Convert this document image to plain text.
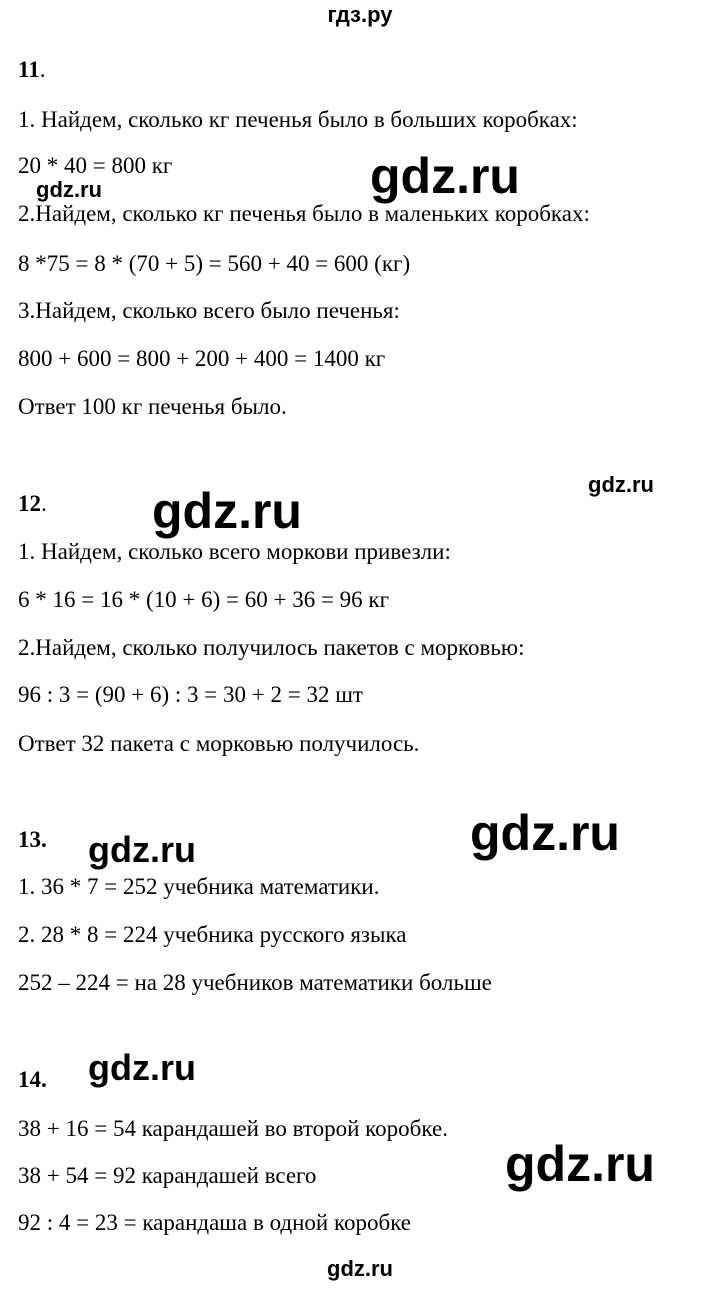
гдз.ру
11.
1. Найдем, сколько кг печенья было в больших коробках:
20 * 40 = 800 кг
2.Найдем, сколько кг печенья было в маленьких коробках:
8 *75 = 8 * (70 + 5) = 560 + 40 = 600 (кг)
3.Найдем, сколько всего было печенья:
800 + 600 = 800 + 200 + 400 = 1400 кг
Ответ 100 кг печенья было.
12.
1. Найдем, сколько всего моркови привезли:
6 * 16 = 16 * (10 + 6) = 60 + 36 = 96 кг
2.Найдем, сколько получилось пакетов с морковью:
96 : 3 = (90 + 6) : 3 = 30 + 2 = 32 шт
Ответ 32 пакета с морковью получилось.
13.
1. 36 * 7 = 252 учебника математики.
2. 28 * 8 = 224 учебника русского языка
252 – 224 = на 28 учебников математики больше
14.
38 + 16 = 54 карандашей во второй коробке.
38 + 54 = 92 карандашей всего
92 : 4 = 23 = карандаша в одной коробке
gdz.ru
gdz.ru
gdz.ru
gdz.ru
gdz.ru
gdz.ru
gdz.ru
gdz.ru
gdz.ru
